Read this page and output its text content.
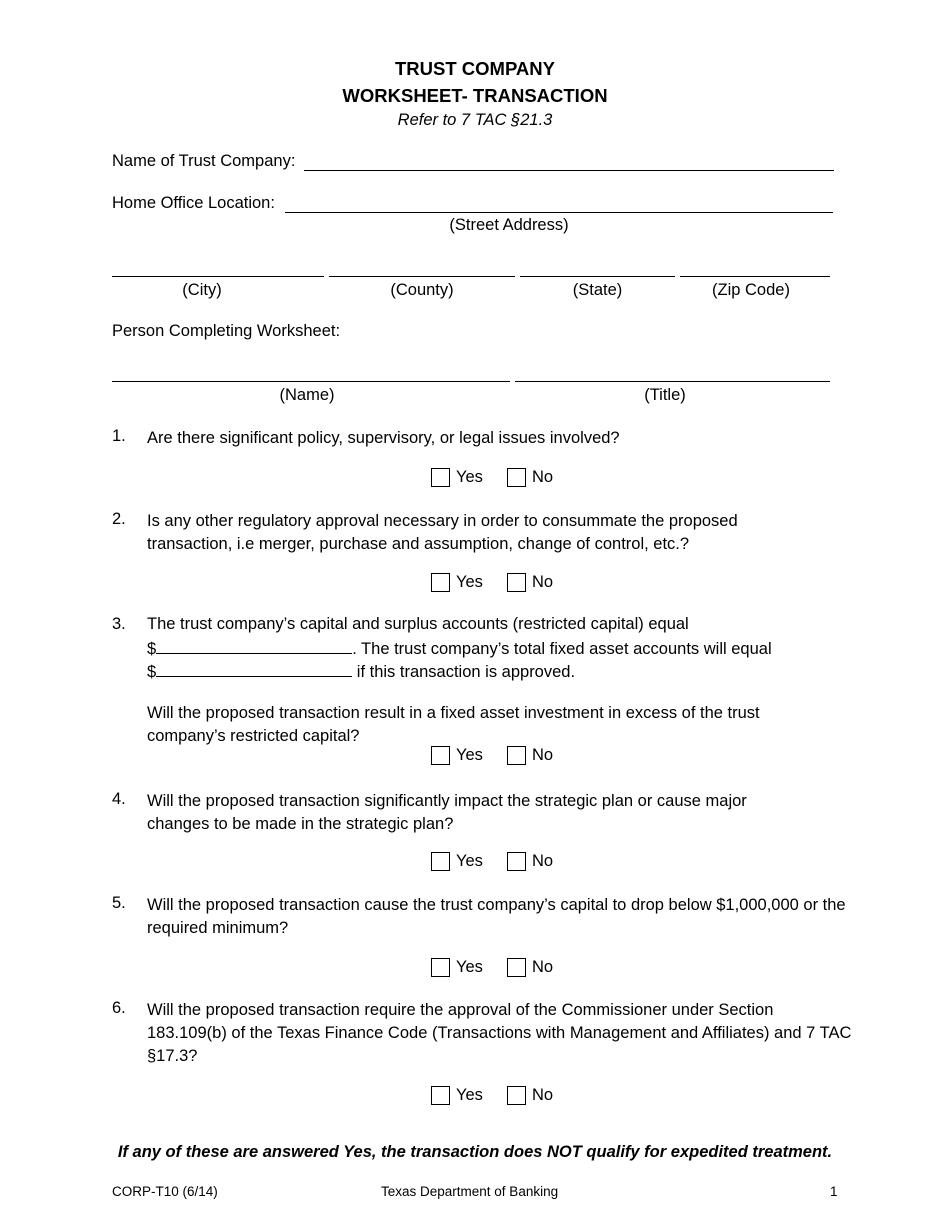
TRUST COMPANY
WORKSHEET- TRANSACTION
Refer to 7 TAC §21.3
Name of Trust Company:
Home Office Location:
(Street Address)
(City)	(County)	(State)	(Zip Code)
Person Completing Worksheet:
(Name)	(Title)
1. Are there significant policy, supervisory, or legal issues involved?
Yes	No
2. Is any other regulatory approval necessary in order to consummate the proposed transaction, i.e merger, purchase and assumption, change of control, etc.?
Yes	No
3. The trust company’s capital and surplus accounts (restricted capital) equal
$	. The trust company’s total fixed asset accounts will equal
$	if this transaction is approved.
Will the proposed transaction result in a fixed asset investment in excess of the trust company’s restricted capital?
Yes	No
4. Will the proposed transaction significantly impact the strategic plan or cause major changes to be made in the strategic plan?
Yes	No
5. Will the proposed transaction cause the trust company’s capital to drop below $1,000,000 or the required minimum?
Yes	No
6. Will the proposed transaction require the approval of the Commissioner under Section 183.109(b) of the Texas Finance Code (Transactions with Management and Affiliates) and 7 TAC §17.3?
Yes	No
If any of these are answered Yes, the transaction does NOT qualify for expedited treatment.
CORP-T10 (6/14)	Texas Department of Banking	1
